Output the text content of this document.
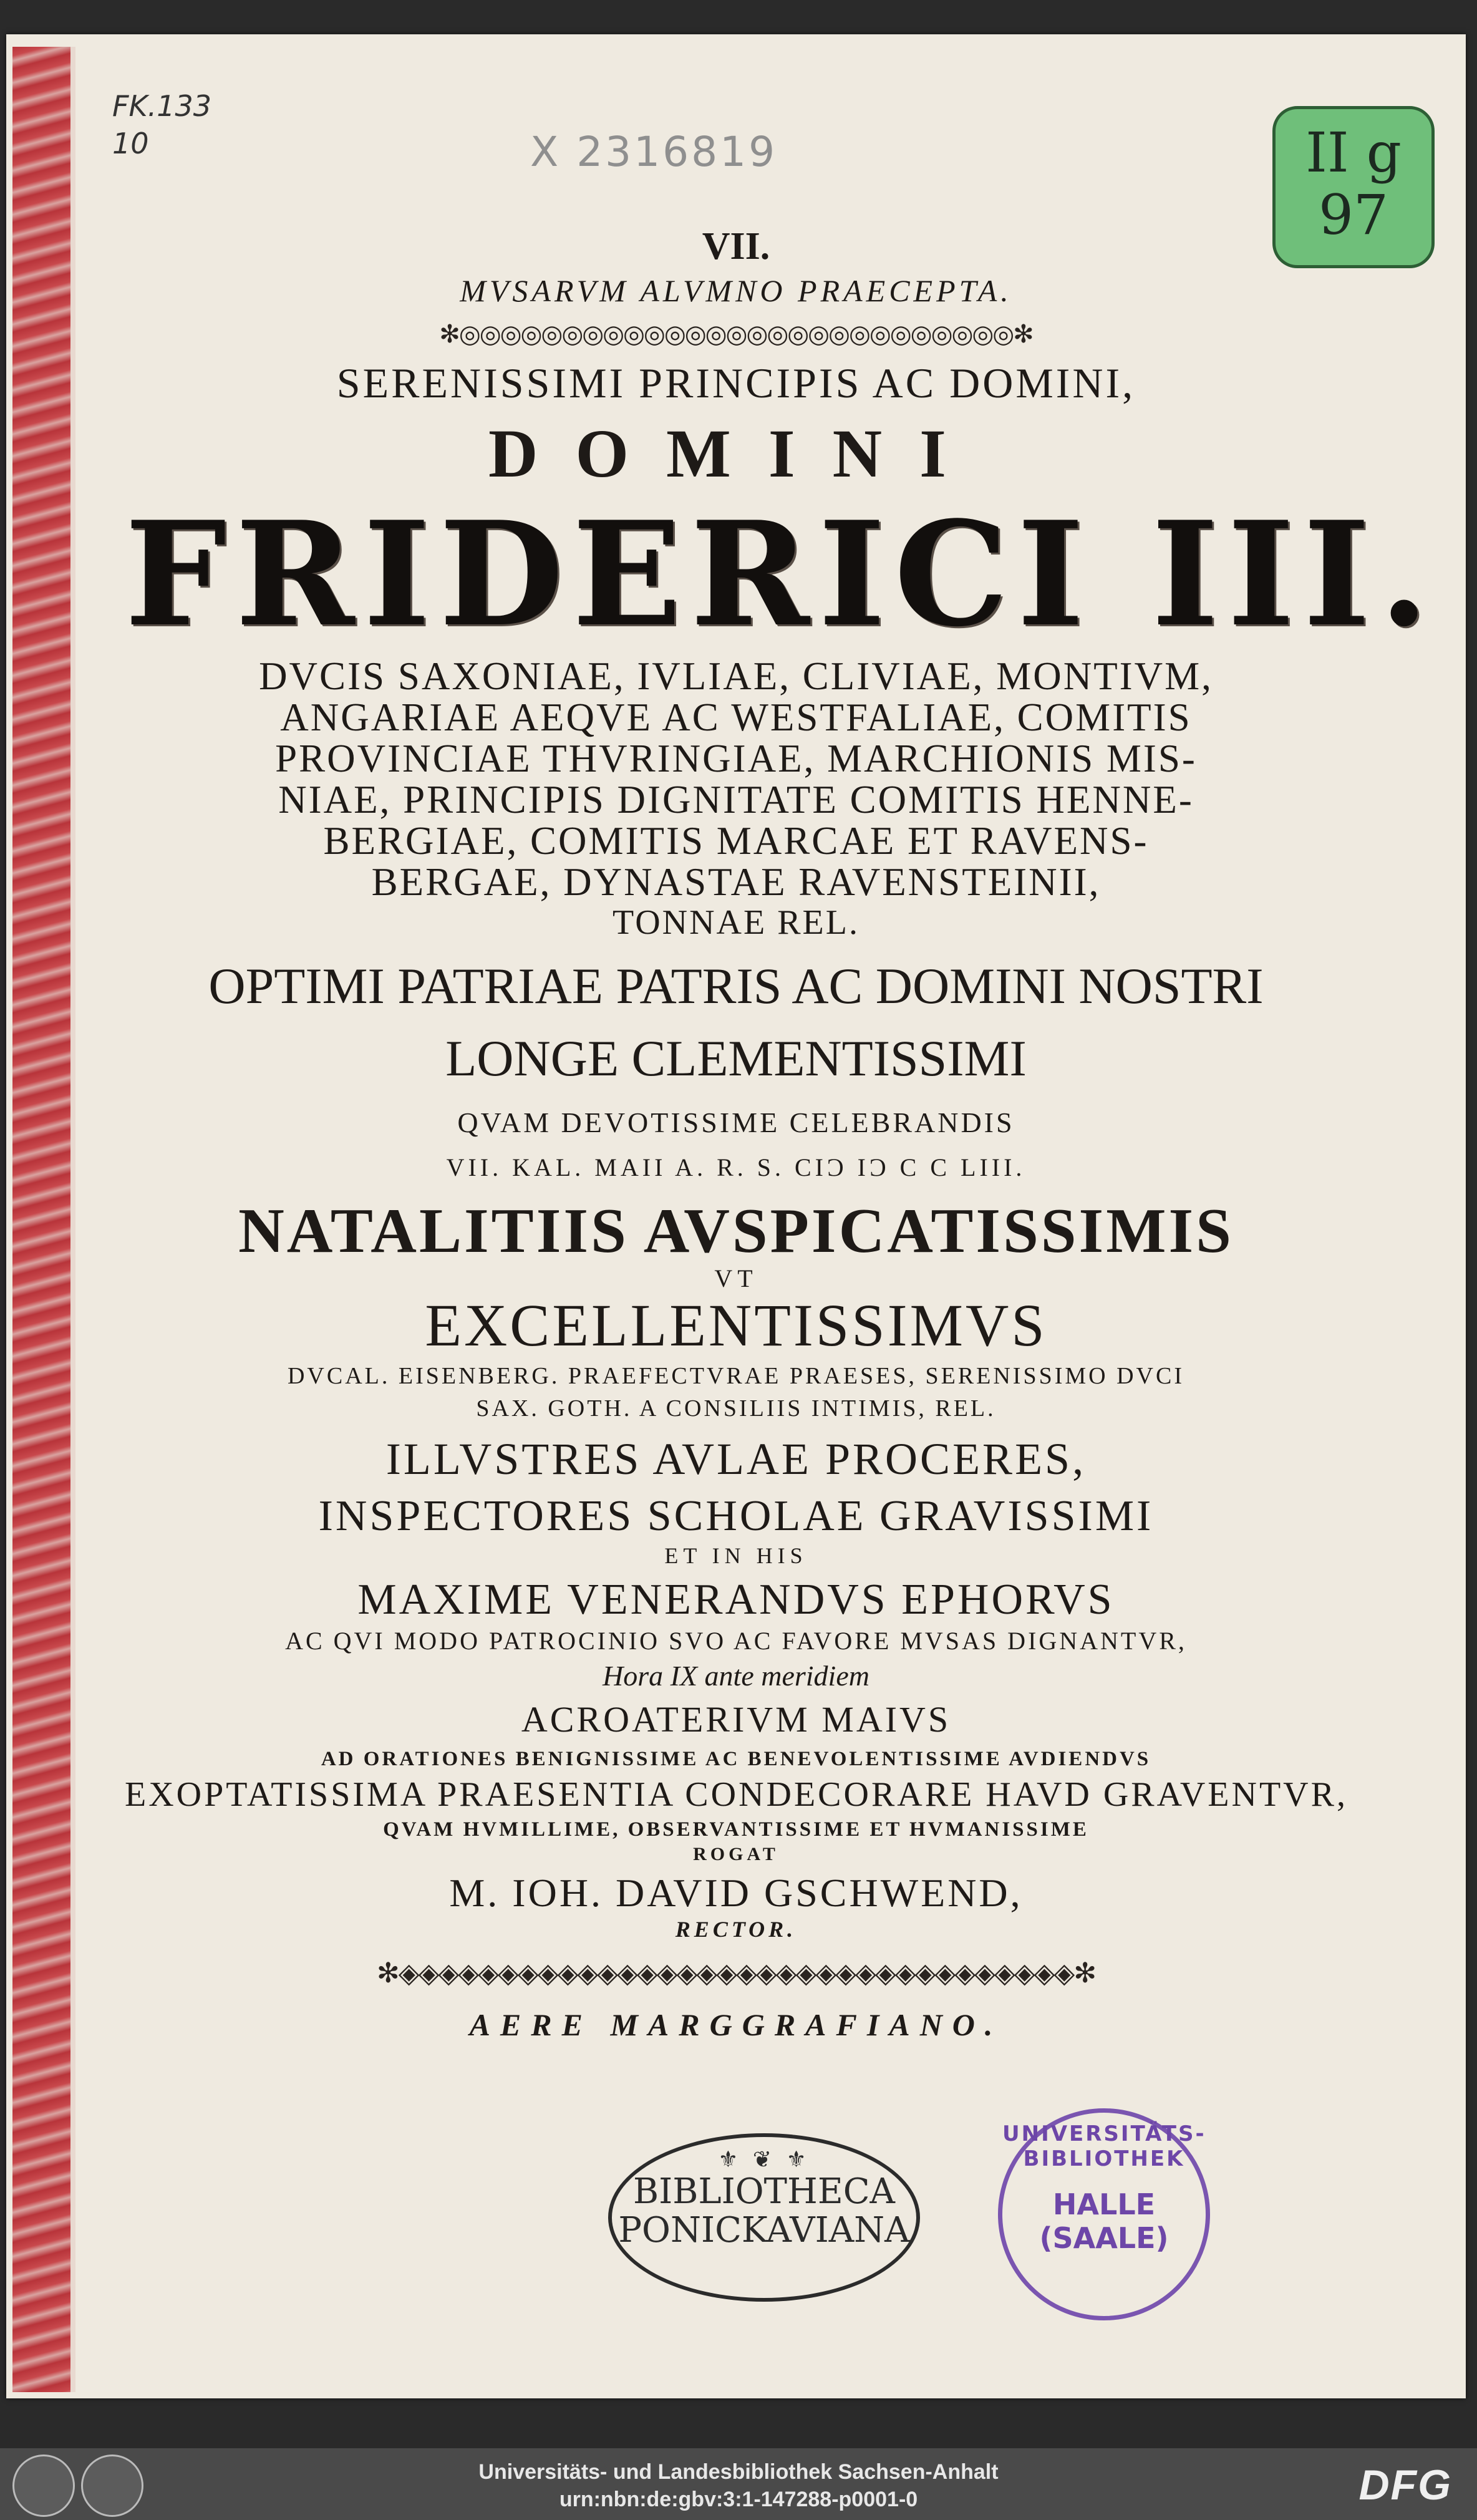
FK.133
10	X 2316819	II g
97
VII.
MVSARVM ALVMNO PRAECEPTA.
✻◎◎◎◎◎◎◎◎◎◎◎◎◎◎◎◎◎◎◎◎◎◎◎◎◎◎◎✻
SERENISSIMI PRINCIPIS AC DOMINI,
DOMINI
FRIDERICI III.
DVCIS SAXONIAE, IVLIAE, CLIVIAE, MONTIVM,
ANGARIAE AEQVE AC WESTFALIAE, COMITIS
PROVINCIAE THVRINGIAE, MARCHIONIS MIS-
NIAE, PRINCIPIS DIGNITATE COMITIS HENNE-
BERGIAE, COMITIS MARCAE ET RAVENS-
BERGAE, DYNASTAE RAVENSTEINII,
TONNAE REL.
OPTIMI PATRIAE PATRIS AC DOMINI NOSTRI
LONGE CLEMENTISSIMI
QVAM DEVOTISSIME CELEBRANDIS
VII. KAL. MAII A. R. S. CIƆ IƆ C C LIII.
NATALITIIS AVSPICATISSIMIS
VT
EXCELLENTISSIMVS
DVCAL. EISENBERG. PRAEFECTVRAE PRAESES, SERENISSIMO DVCI
SAX. GOTH. A CONSILIIS INTIMIS, REL.
ILLVSTRES AVLAE PROCERES,
INSPECTORES SCHOLAE GRAVISSIMI
ET IN HIS
MAXIME VENERANDVS EPHORVS
AC QVI MODO PATROCINIO SVO AC FAVORE MVSAS DIGNANTVR,
Hora IX ante meridiem
ACROATERIVM MAIVS
AD ORATIONES BENIGNISSIME AC BENEVOLENTISSIME AVDIENDVS
EXOPTATISSIMA PRAESENTIA CONDECORARE HAVD GRAVENTVR,
QVAM HVMILLIME, OBSERVANTISSIME ET HVMANISSIME
ROGAT
M. IOH. DAVID GSCHWEND,
RECTOR.
✻◈◈◈◈◈◈◈◈◈◈◈◈◈◈◈◈◈◈◈◈◈◈◈◈◈◈◈◈◈◈◈◈◈◈✻
AERE MARGGRAFIANO.
⚜ ❦ ⚜
BIBLIOTHECA
PONICKAVIANA
UNIVERSITÄTS-BIBLIOTHEK
HALLE
(SAALE)
Universitäts- und Landesbibliothek Sachsen-Anhalt
urn:nbn:de:gbv:3:1-147288-p0001-0	DFG
